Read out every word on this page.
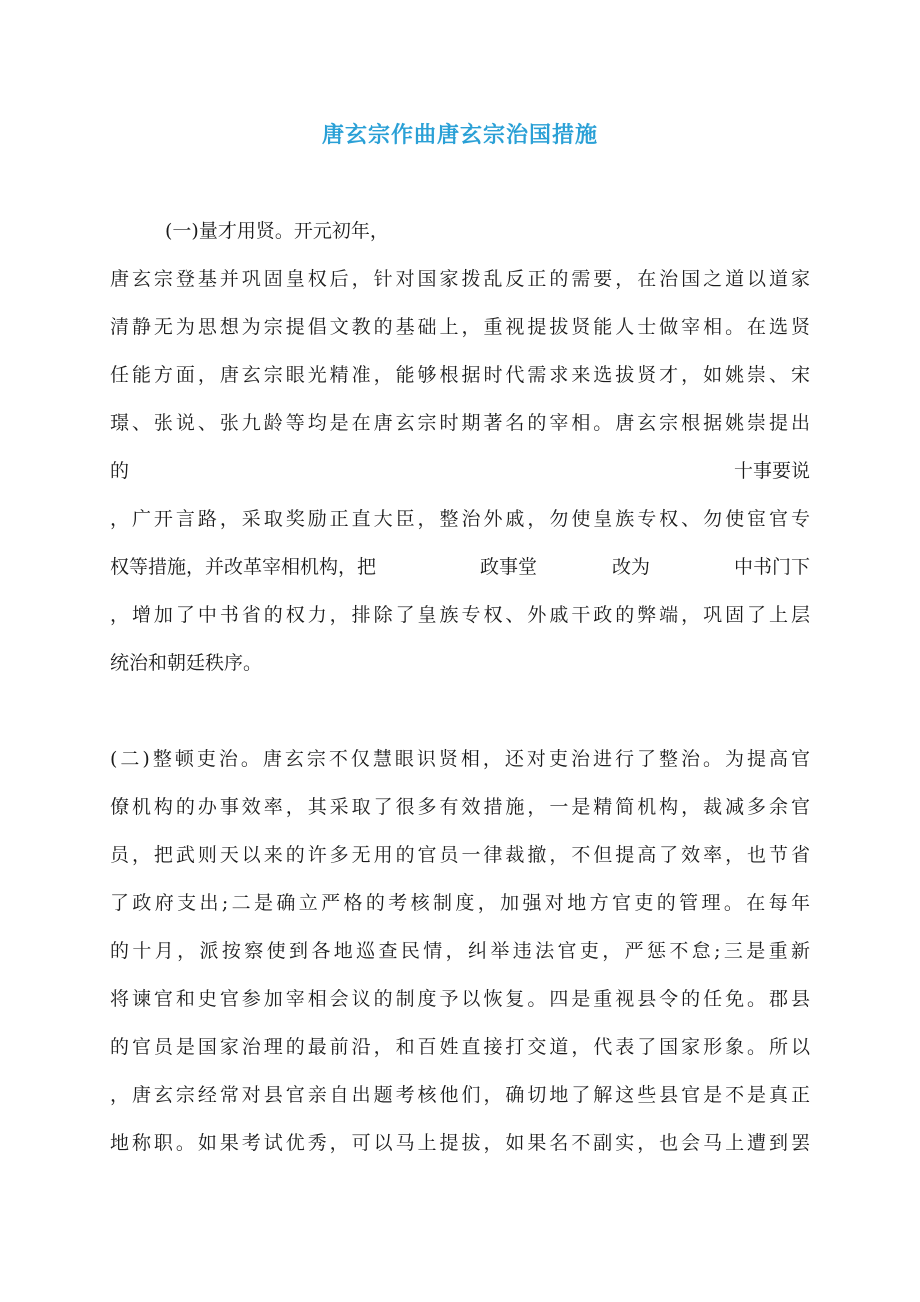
唐玄宗作曲唐玄宗治国措施

(一)量才用贤。开元初年，

唐玄宗登基并巩固皇权后，针对国家拨乱反正的需要，在治国之道以道家

清静无为思想为宗提倡文教的基础上，重视提拔贤能人士做宰相。在选贤

任能方面，唐玄宗眼光精准，能够根据时代需求来选拔贤才，如姚崇、宋

璟、张说、张九龄等均是在唐玄宗时期著名的宰相。唐玄宗根据姚崇提出

的	十事要说

，广开言路，采取奖励正直大臣，整治外戚，勿使皇族专权、勿使宦官专

权等措施，并改革宰相机构，把	政事堂	改为	中书门下

，增加了中书省的权力，排除了皇族专权、外戚干政的弊端，巩固了上层

统治和朝廷秩序。

(二)整顿吏治。唐玄宗不仅慧眼识贤相，还对吏治进行了整治。为提高官

僚机构的办事效率，其采取了很多有效措施，一是精简机构，裁减多余官

员，把武则天以来的许多无用的官员一律裁撤，不但提高了效率，也节省

了政府支出;二是确立严格的考核制度，加强对地方官吏的管理。在每年

的十月，派按察使到各地巡查民情，纠举违法官吏，严惩不怠;三是重新

将谏官和史官参加宰相会议的制度予以恢复。四是重视县令的任免。郡县

的官员是国家治理的最前沿，和百姓直接打交道，代表了国家形象。所以

，唐玄宗经常对县官亲自出题考核他们，确切地了解这些县官是不是真正

地称职。如果考试优秀，可以马上提拔，如果名不副实，也会马上遭到罢
